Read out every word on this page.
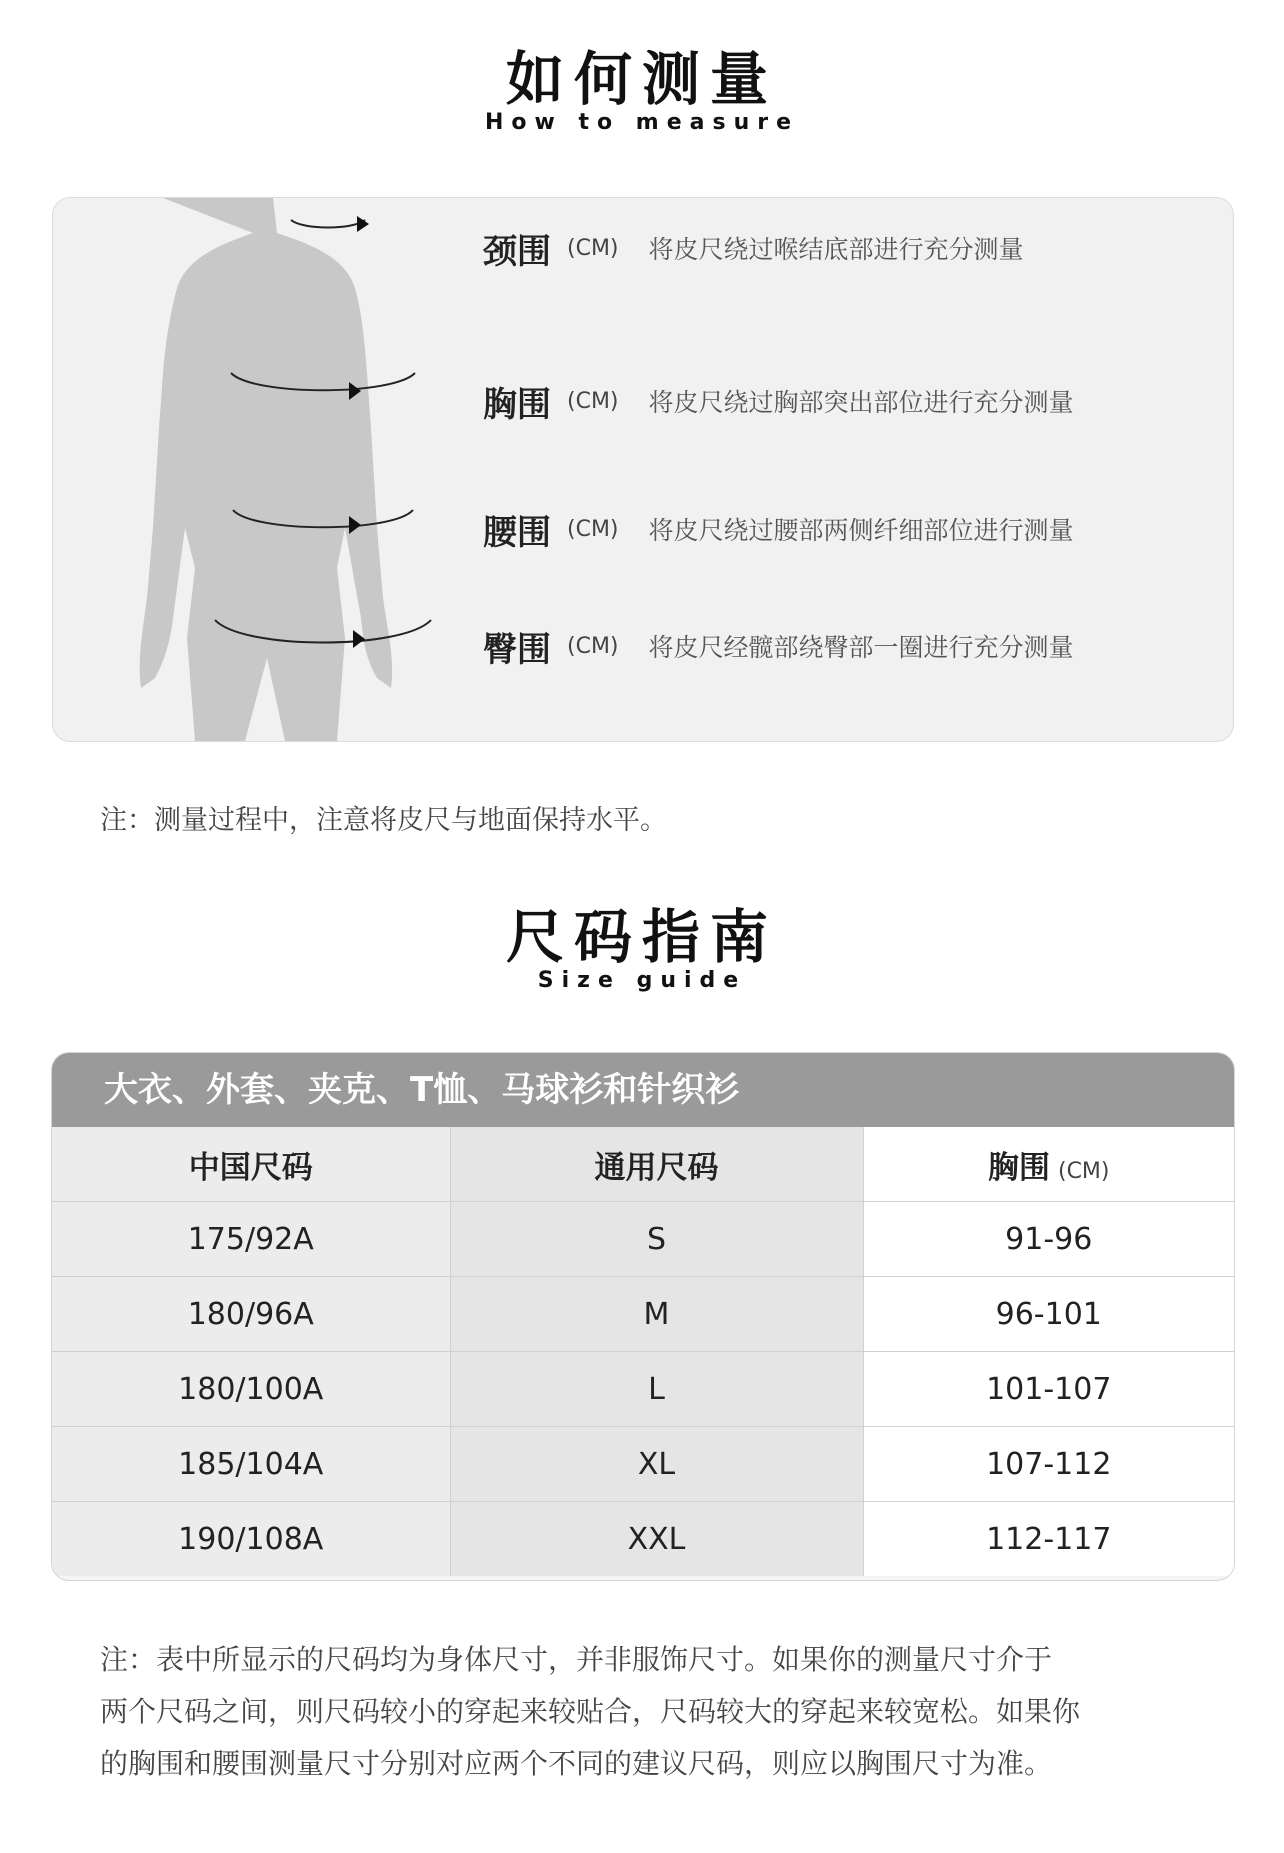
如何测量
How to measure
颈围 (CM) 将皮尺绕过喉结底部进行充分测量
胸围 (CM) 将皮尺绕过胸部突出部位进行充分测量
腰围 (CM) 将皮尺绕过腰部两侧纤细部位进行测量
臀围 (CM) 将皮尺经髋部绕臀部一圈进行充分测量
注：测量过程中，注意将皮尺与地面保持水平。
尺码指南
Size guide
大衣、外套、夹克、T恤、马球衫和针织衫
中国尺码	通用尺码	胸围 (CM)
175/92A	S	91-96
180/96A	M	96-101
180/100A	L	101-107
185/104A	XL	107-112
190/108A	XXL	112-117
注：表中所显示的尺码均为身体尺寸，并非服饰尺寸。如果你的测量尺寸介于
两个尺码之间，则尺码较小的穿起来较贴合，尺码较大的穿起来较宽松。如果你
的胸围和腰围测量尺寸分别对应两个不同的建议尺码，则应以胸围尺寸为准。
